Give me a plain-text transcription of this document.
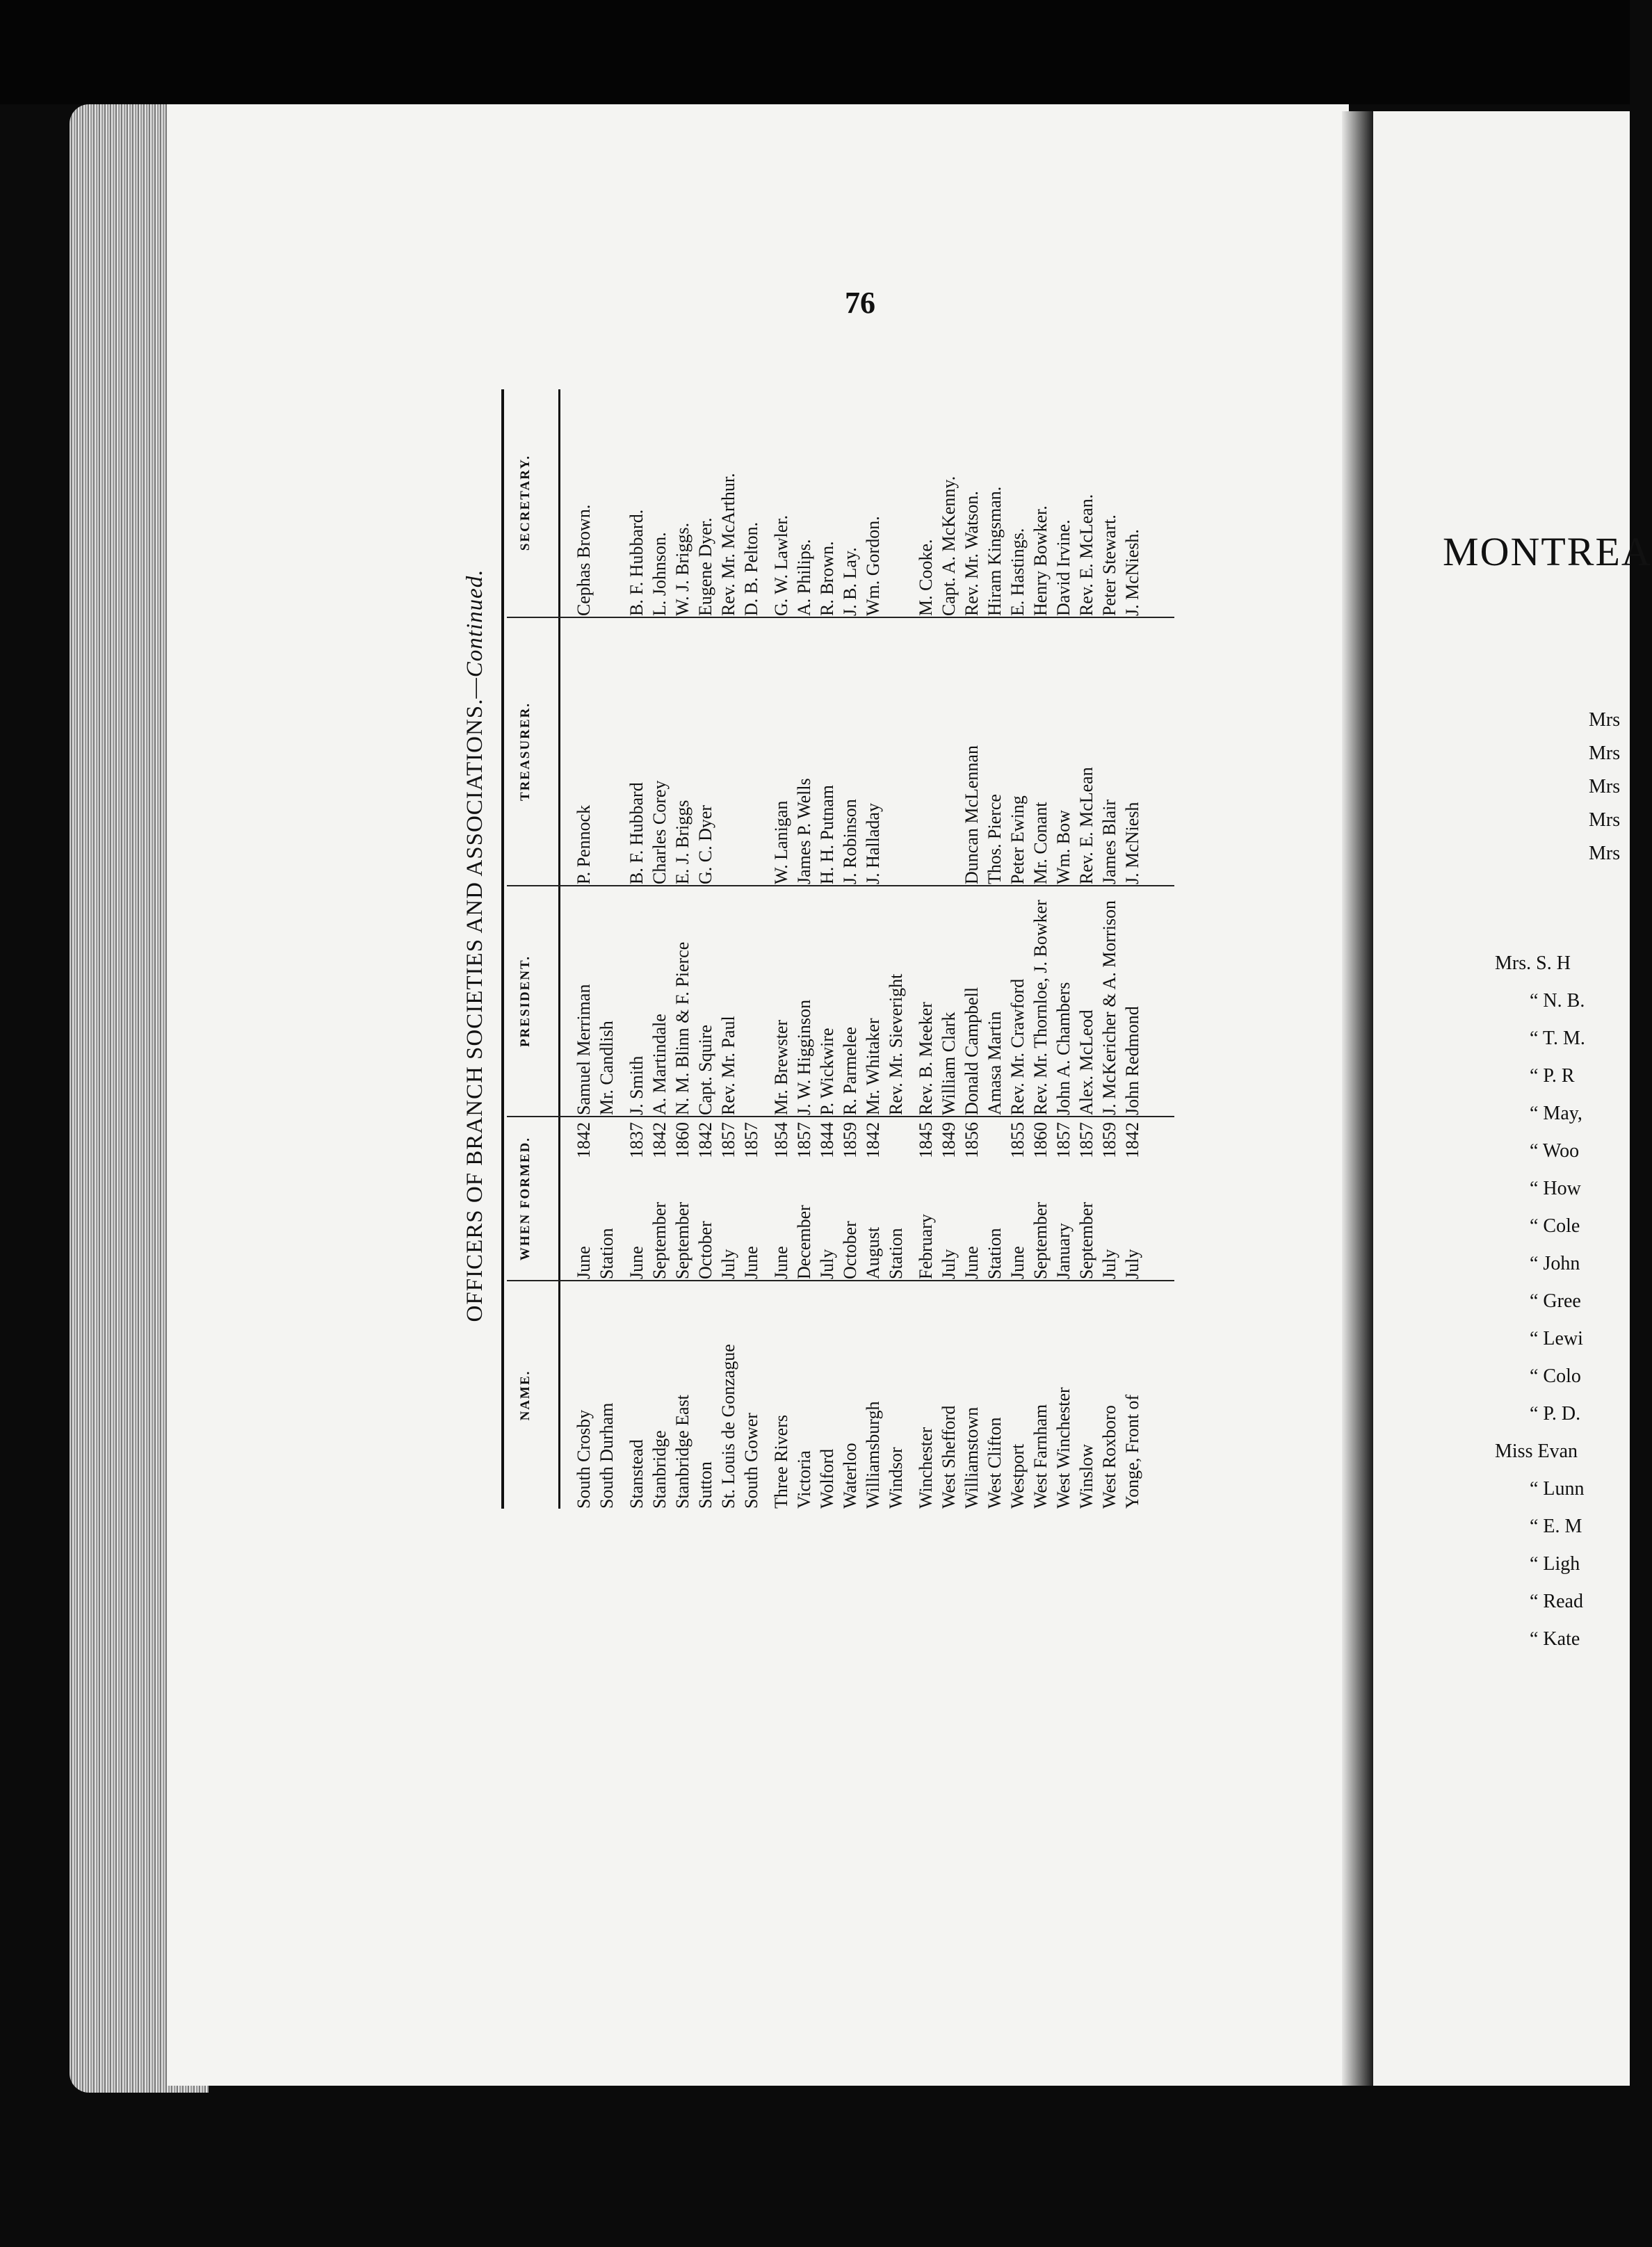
76
OFFICERS OF BRANCH SOCIETIES AND ASSOCIATIONS.—Continued.
NAME.
WHEN FORMED.
PRESIDENT.
TREASURER.
SECRETARY.
South Crosby
June
1842
Samuel Merriman
P. Pennock
Cephas Brown.
South Durham
Station
Mr. Candlish
Stanstead
June
1837
J. Smith
B. F. Hubbard
B. F. Hubbard.
Stanbridge
September
1842
A. Martindale
Charles Corey
L. Johnson.
Stanbridge East
September
1860
N. M. Blinn & F. Pierce
E. J. Briggs
W. J. Briggs.
Sutton
October
1842
Capt. Squire
G. C. Dyer
Eugene Dyer.
St. Louis de Gonzague
July
1857
Rev. Mr. Paul
Rev. Mr. McArthur.
South Gower
June
1857
D. B. Pelton.
Three Rivers
June
1854
Mr. Brewster
W. Lanigan
G. W. Lawler.
Victoria
December
1857
J. W. Higginson
James P. Wells
A. Philips.
Wolford
July
1844
P. Wickwire
H. H. Putnam
R. Brown.
Waterloo
October
1859
R. Parmelee
J. Robinson
J. B. Lay.
Williamsburgh
August
1842
Mr. Whitaker
J. Halladay
Wm. Gordon.
Windsor
Station
Rev. Mr. Sieveright
Winchester
February
1845
Rev. B. Meeker
M. Cooke.
West Shefford
July
1849
William Clark
Capt. A. McKenny.
Williamstown
June
1856
Donald Campbell
Duncan McLennan
Rev. Mr. Watson.
West Clifton
Station
Amasa Martin
Thos. Pierce
Hiram Kingsman.
Westport
June
1855
Rev. Mr. Crawford
Peter Ewing
E. Hastings.
West Farnham
September
1860
Rev. Mr. Thornloe, J. Bowker
Mr. Conant
Henry Bowker.
West Winchester
January
1857
John A. Chambers
Wm. Bow
David Irvine.
Winslow
September
1857
Alex. McLeod
Rev. E. McLean
Rev. E. McLean.
West Roxboro
July
1859
J. McKericher & A. Morrison
James Blair
Peter Stewart.
Yonge, Front of
July
1842
John Redmond
J. McNiesh
J. McNiesh.	MONTREA
Mrs
Mrs
Mrs
Mrs
Mrs
Mrs. S. H
“ N. B.
“ T. M.
“ P. R
“ May,
“ Woo
“ How
“ Cole
“ John
“ Gree
“ Lewi
“ Colo
“ P. D.
Miss Evan
“ Lunn
“ E. M
“ Ligh
“ Read
“ Kate
